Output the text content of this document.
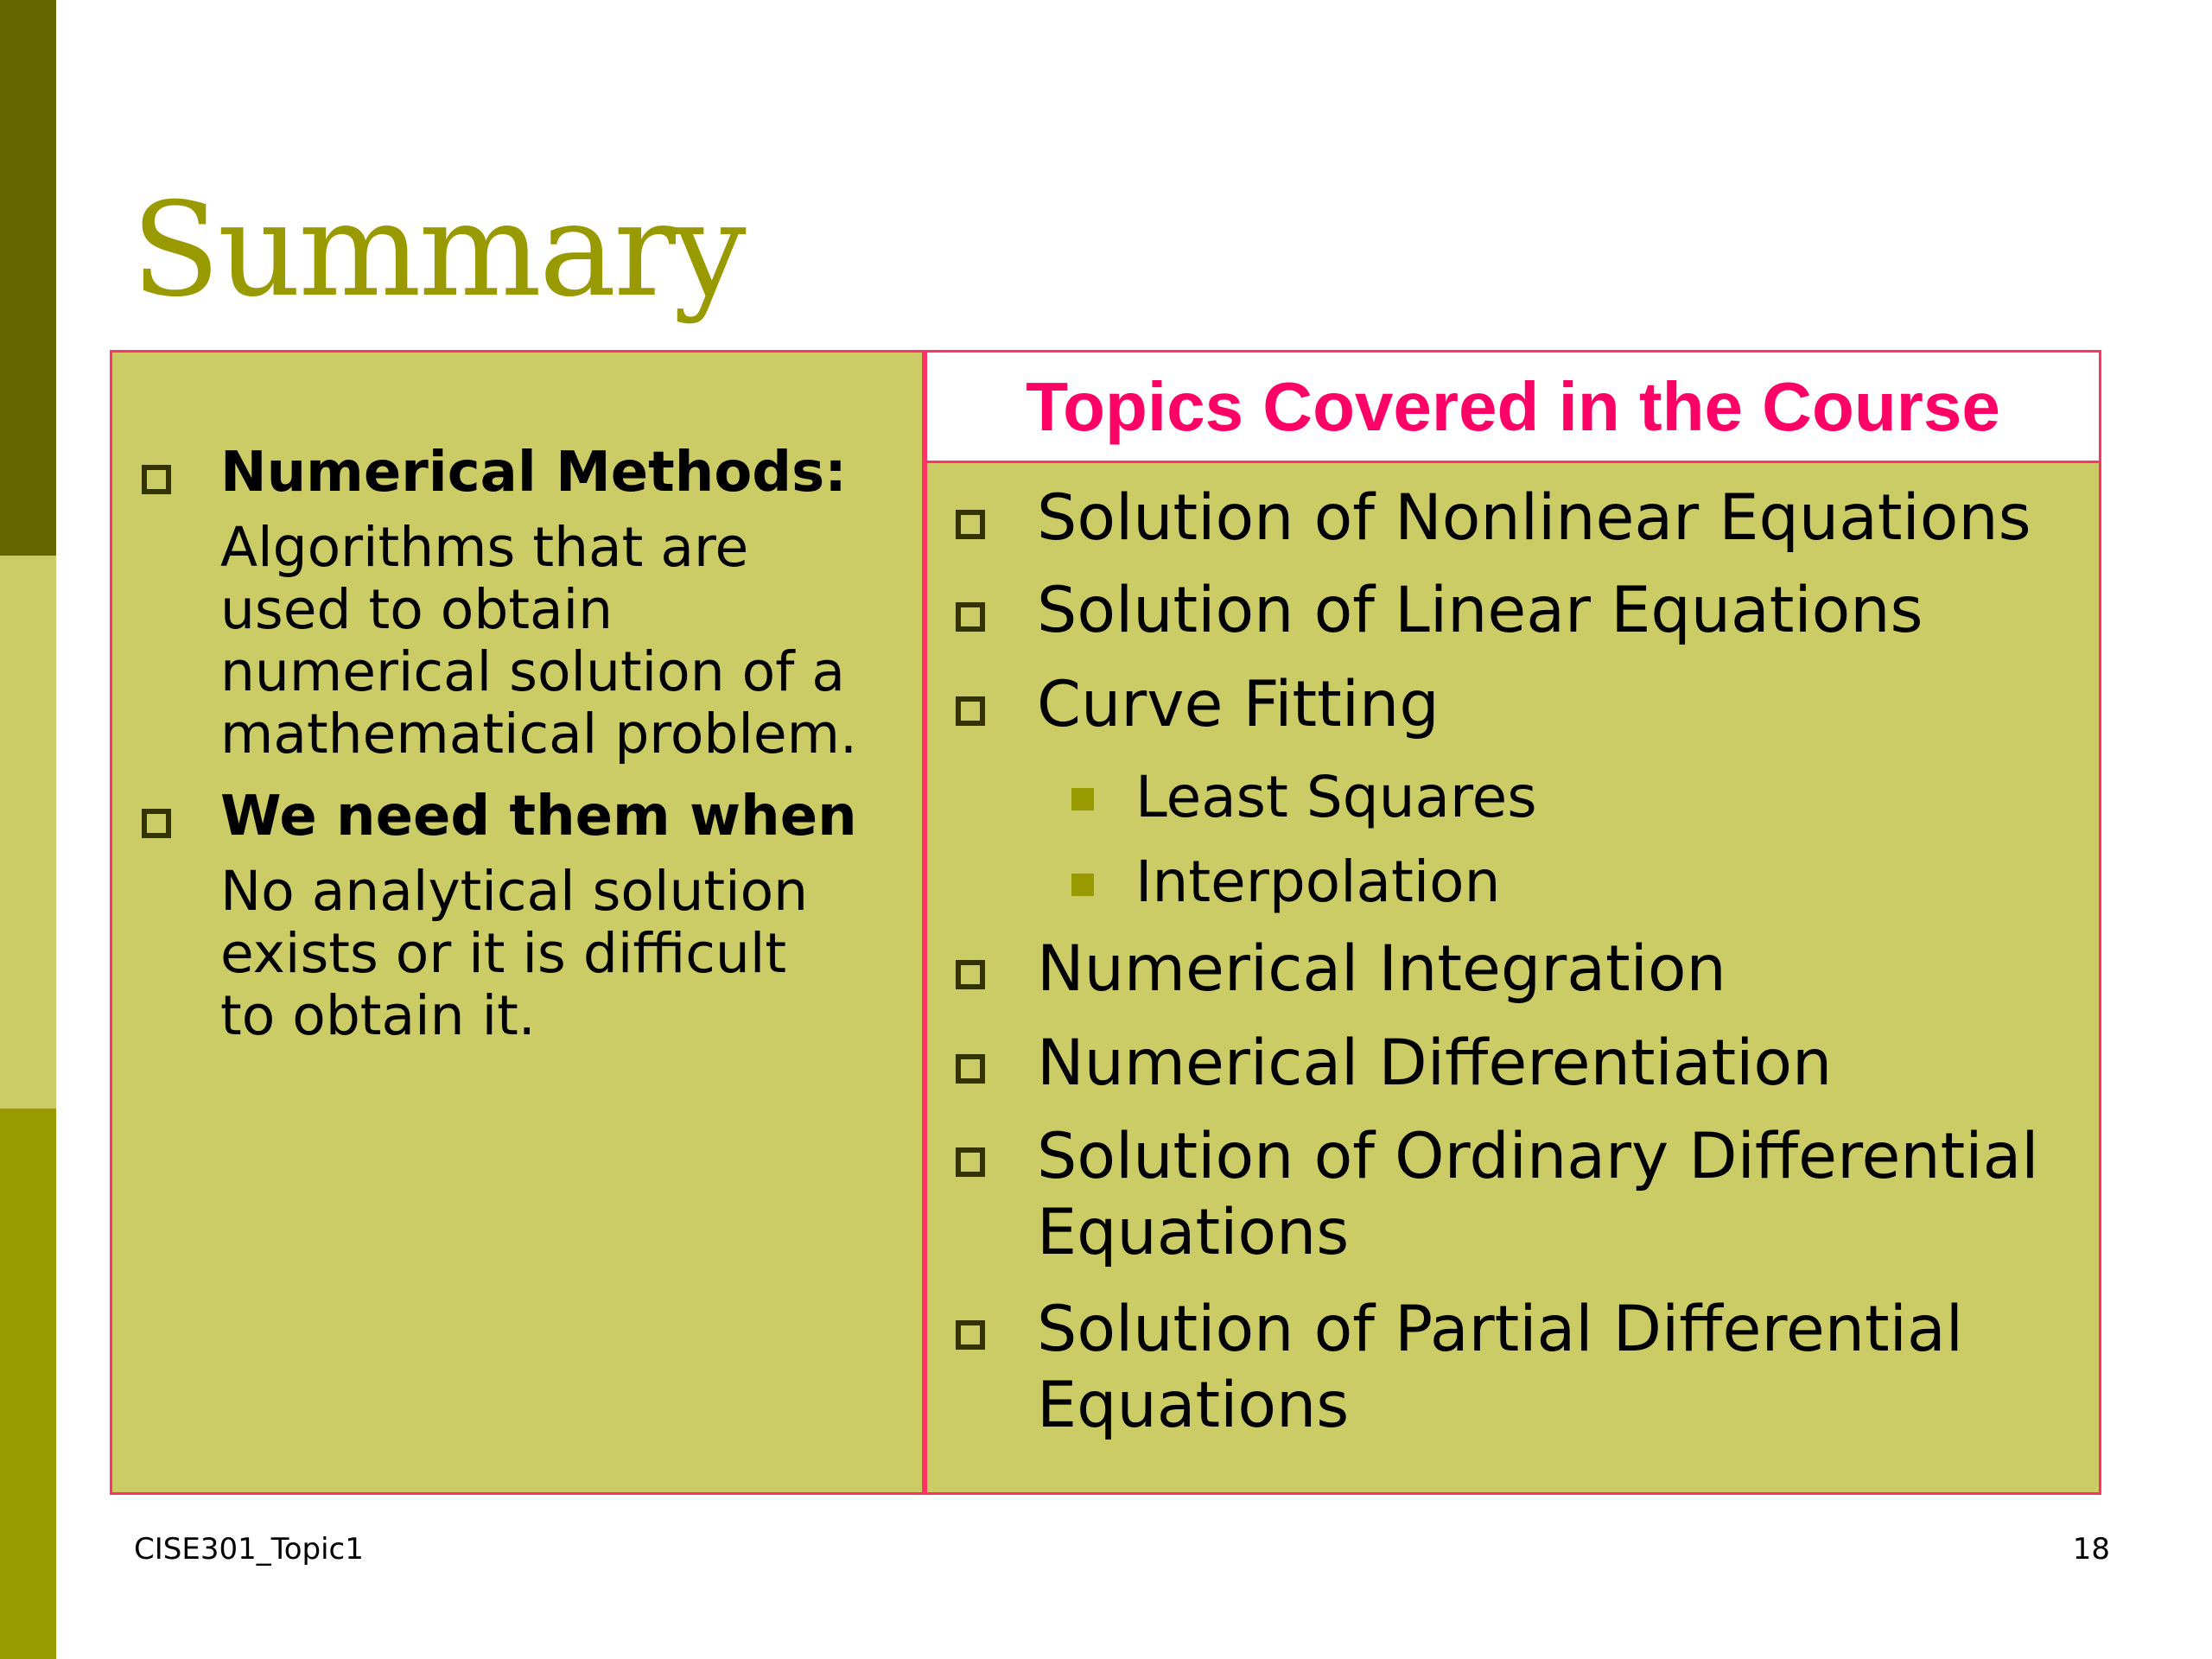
Summary
Numerical Methods:
Algorithms that are
used to obtain
numerical solution of a
mathematical problem.
We need them when
No analytical solution
exists or it is difficult
to obtain it.
Topics Covered in the Course
Solution of Nonlinear Equations
Solution of Linear Equations
Curve Fitting
Least Squares
Interpolation
Numerical Integration
Numerical Differentiation
Solution of Ordinary Differential
Equations
Solution of Partial Differential
Equations
CISE301_Topic1	18
